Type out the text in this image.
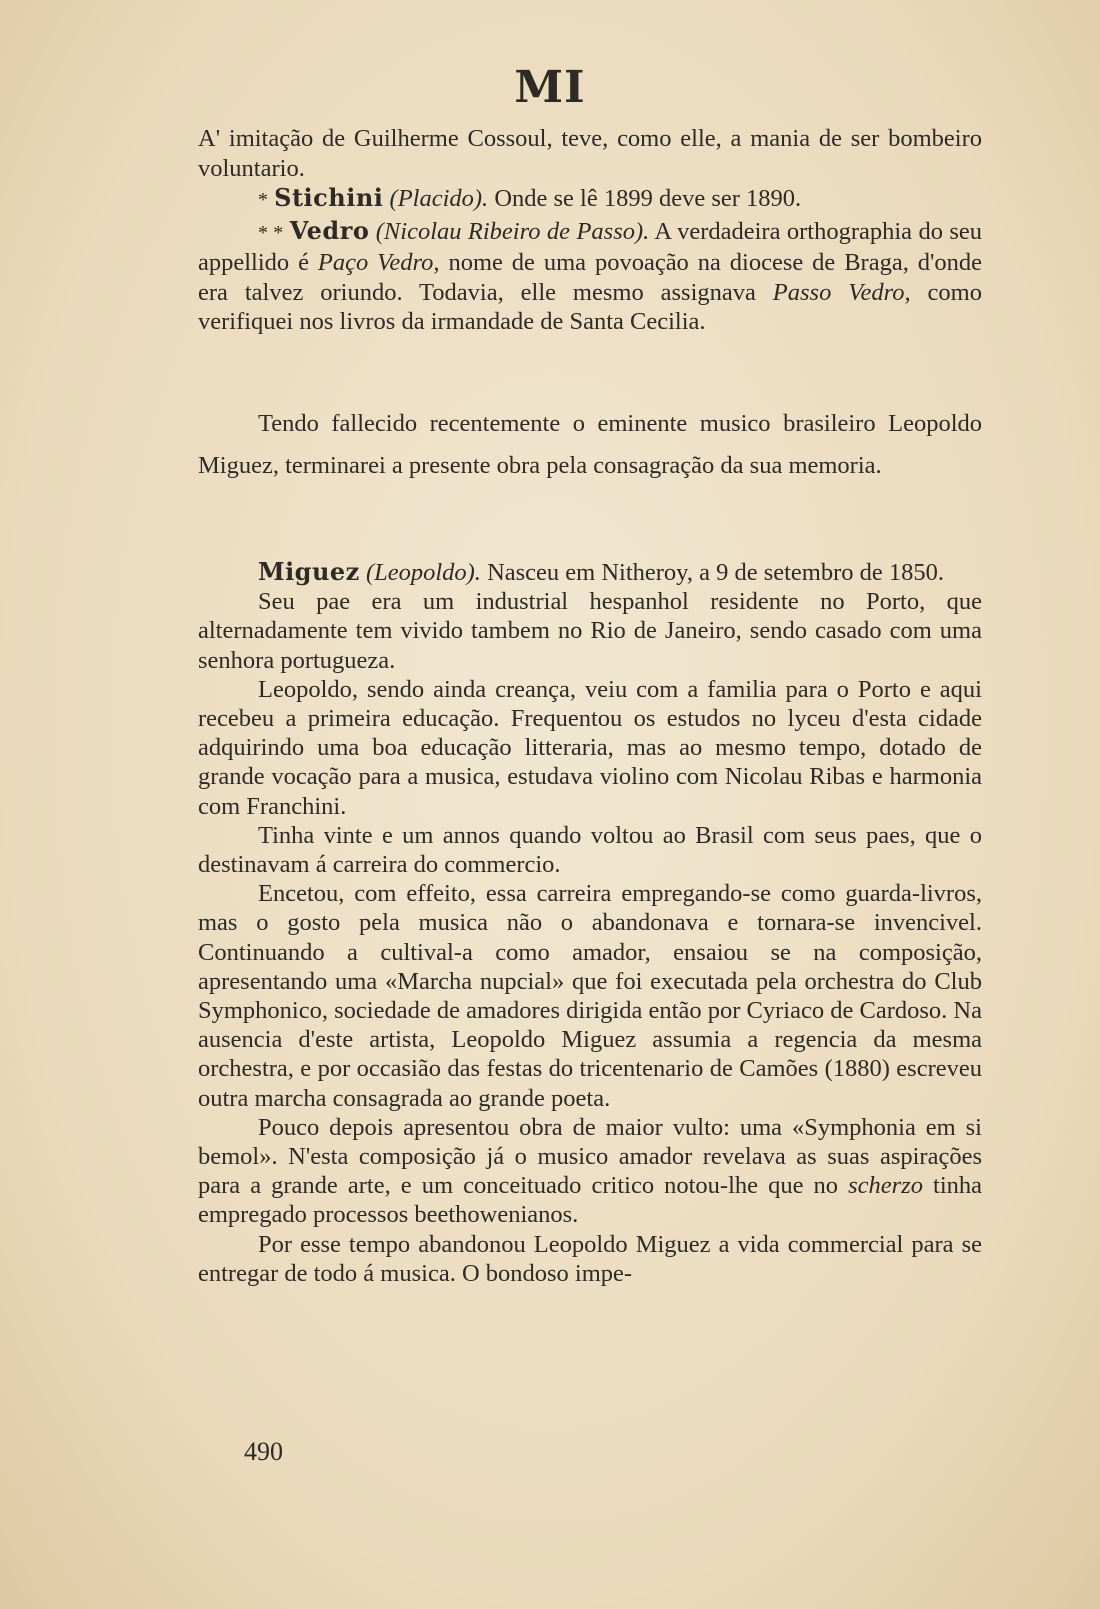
MI

A' imitação de Guilherme Cossoul, teve, como elle, a mania de ser bombeiro voluntario.

* Stichini (Placido). Onde se lê 1899 deve ser 1890.

* * Vedro (Nicolau Ribeiro de Passo). A verdadeira orthographia do seu appellido é Paço Vedro, nome de uma povoação na diocese de Braga, d'onde era talvez oriundo. Todavia, elle mesmo assignava Passo Vedro, como verifiquei nos livros da irmandade de Santa Cecilia.

Tendo fallecido recentemente o eminente musico brasileiro Leopoldo Miguez, terminarei a presente obra pela consagração da sua memoria.

Miguez (Leopoldo). Nasceu em Nitheroy, a 9 de setembro de 1850.

Seu pae era um industrial hespanhol residente no Porto, que alternadamente tem vivido tambem no Rio de Janeiro, sendo casado com uma senhora portugueza.

Leopoldo, sendo ainda creança, veiu com a familia para o Porto e aqui recebeu a primeira educação. Frequentou os estudos no lyceu d'esta cidade adquirindo uma boa educação litteraria, mas ao mesmo tempo, dotado de grande vocação para a musica, estudava violino com Nicolau Ribas e harmonia com Franchini.

Tinha vinte e um annos quando voltou ao Brasil com seus paes, que o destinavam á carreira do commercio.

Encetou, com effeito, essa carreira empregando-se como guarda-livros, mas o gosto pela musica não o abandonava e tornara-se invencivel. Continuando a cultival-a como amador, ensaiou se na composição, apresentando uma «Marcha nupcial» que foi executada pela orchestra do Club Symphonico, sociedade de amadores dirigida então por Cyriaco de Cardoso. Na ausencia d'este artista, Leopoldo Miguez assumia a regencia da mesma orchestra, e por occasião das festas do tricentenario de Camões (1880) escreveu outra marcha consagrada ao grande poeta.

Pouco depois apresentou obra de maior vulto: uma «Symphonia em si bemol». N'esta composição já o musico amador revelava as suas aspirações para a grande arte, e um conceituado critico notou-lhe que no scherzo tinha empregado processos beethowenianos.

Por esse tempo abandonou Leopoldo Miguez a vida commercial para se entregar de todo á musica. O bondoso impe-

490
